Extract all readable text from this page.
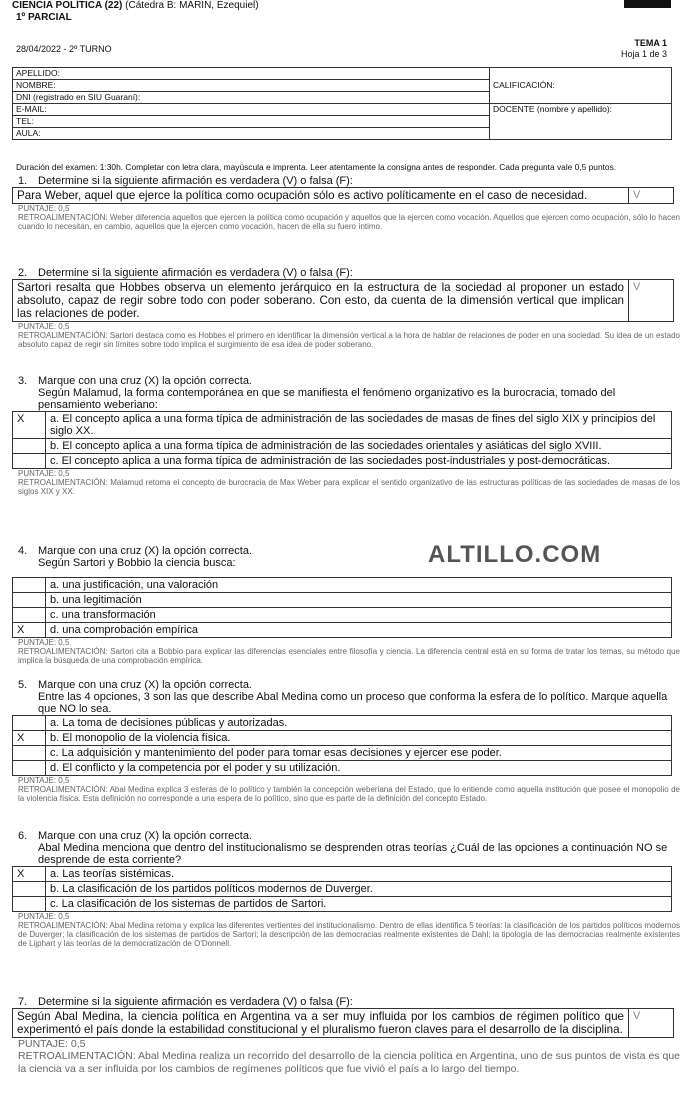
CIENCIA POLÍTICA (22) (Cátedra B: MARIN, Ezequiel)
1º PARCIAL
28/04/2022 - 2º TURNO
TEMA 1
Hoja 1 de 3
APELLIDO:	CALIFICACIÓN:
NOMBRE:	
DNI (registrado en SIU Guaraní):	
E-MAIL:	DOCENTE (nombre y apellido):
TEL:	
AULA:	
Duración del examen: 1:30h. Completar con letra clara, mayúscula e imprenta. Leer atentamente la consigna antes de responder. Cada pregunta vale 0,5 puntos.
1. Determine si la siguiente afirmación es verdadera (V) o falsa (F):
Para Weber, aquel que ejerce la política como ocupación sólo es activo políticamente en el caso de necesidad.	V
PUNTAJE: 0,5
RETROALIMENTACIÓN: Weber diferencia aquellos que ejercen la política como ocupación y aquellos que la ejercen como vocación. Aquellos que ejercen como ocupación, sólo lo hacen cuando lo necesitan, en cambio, aquellos que la ejercen como vocación, hacen de ella su fuero íntimo.
2. Determine si la siguiente afirmación es verdadera (V) o falsa (F):
Sartori resalta que Hobbes observa un elemento jerárquico en la estructura de la sociedad al proponer un estado absoluto, capaz de regir sobre todo con poder soberano. Con esto, da cuenta de la dimensión vertical que implican las relaciones de poder.
V
PUNTAJE: 0,5
RETROALIMENTACIÓN: Sartori destaca como es Hobbes el primero en identificar la dimensión vertical a la hora de hablar de relaciones de poder en una sociedad. Su idea de un estado absoluto capaz de regir sin límites sobre todo implica el surgimiento de esa idea de poder soberano.
3. Marque con una cruz (X) la opción correcta.
Según Malamud, la forma contemporánea en que se manifiesta el fenómeno organizativo es la burocracia, tomado del pensamiento weberiano:
X	a. El concepto aplica a una forma típica de administración de las sociedades de masas de fines del siglo XIX y principios del siglo XX.
	b. El concepto aplica a una forma típica de administración de las sociedades orientales y asiáticas del siglo XVIII.
	c. El concepto aplica a una forma típica de administración de las sociedades post-industriales y post-democráticas.
PUNTAJE: 0,5
RETROALIMENTACIÓN: Malamud retoma el concepto de burocracia de Max Weber para explicar el sentido organizativo de las estructuras políticas de las sociedades de masas de los siglos XIX y XX.
ALTILLO.COM
4. Marque con una cruz (X) la opción correcta.
Según Sartori y Bobbio la ciencia busca:
	a. una justificación, una valoración
	b. una legitimación
	c. una transformación
X	d. una comprobación empírica
PUNTAJE: 0,5
RETROALIMENTACIÓN: Sartori cita a Bobbio para explicar las diferencias esenciales entre filosofía y ciencia. La diferencia central está en su forma de tratar los temas, su método que implica la búsqueda de una comprobación empírica.
5. Marque con una cruz (X) la opción correcta.
Entre las 4 opciones, 3 son las que describe Abal Medina como un proceso que conforma la esfera de lo político. Marque aquella que NO lo sea.
	a. La toma de decisiones públicas y autorizadas.
X	b. El monopolio de la violencia física.
	c. La adquisición y mantenimiento del poder para tomar esas decisiones y ejercer ese poder.
	d. El conflicto y la competencia por el poder y su utilización.
PUNTAJE: 0,5
RETROALIMENTACIÓN: Abal Medina explica 3 esferas de lo político y también la concepción weberiana del Estado, que lo entiende como aquella institución que posee el monopolio de la violencia física. Esta definición no corresponde a una espera de lo político, sino que es parte de la definición del concepto Estado.
6. Marque con una cruz (X) la opción correcta.
Abal Medina menciona que dentro del institucionalismo se desprenden otras teorías ¿Cuál de las opciones a continuación NO se desprende de esta corriente?
X	a. Las teorías sistémicas.
	b. La clasificación de los partidos políticos modernos de Duverger.
	c. La clasificación de los sistemas de partidos de Sartori.
PUNTAJE: 0,5
RETROALIMENTACIÓN: Abal Medina retoma y explica las diferentes vertientes del institucionalismo. Dentro de ellas identifica 5 teorías: la clasificación de los partidos políticos modernos de Duverger; la clasificación de los sistemas de partidos de Sartori; la descripción de las democracias realmente existentes de Dahl; la tipología de las democracias realmente existentes de Lijphart y las teorías de la democratización de O'Donnell.
7. Determine si la siguiente afirmación es verdadera (V) o falsa (F):
Según Abal Medina, la ciencia política en Argentina va a ser muy influida por los cambios de régimen político que experimentó el país donde la estabilidad constitucional y el pluralismo fueron claves para el desarrollo de la disciplina.
V
PUNTAJE: 0,5
RETROALIMENTACIÓN: Abal Medina realiza un recorrido del desarrollo de la ciencia política en Argentina, uno de sus puntos de vista es que la ciencia va a ser influida por los cambios de regímenes políticos que fue vivió el país a lo largo del tiempo.
